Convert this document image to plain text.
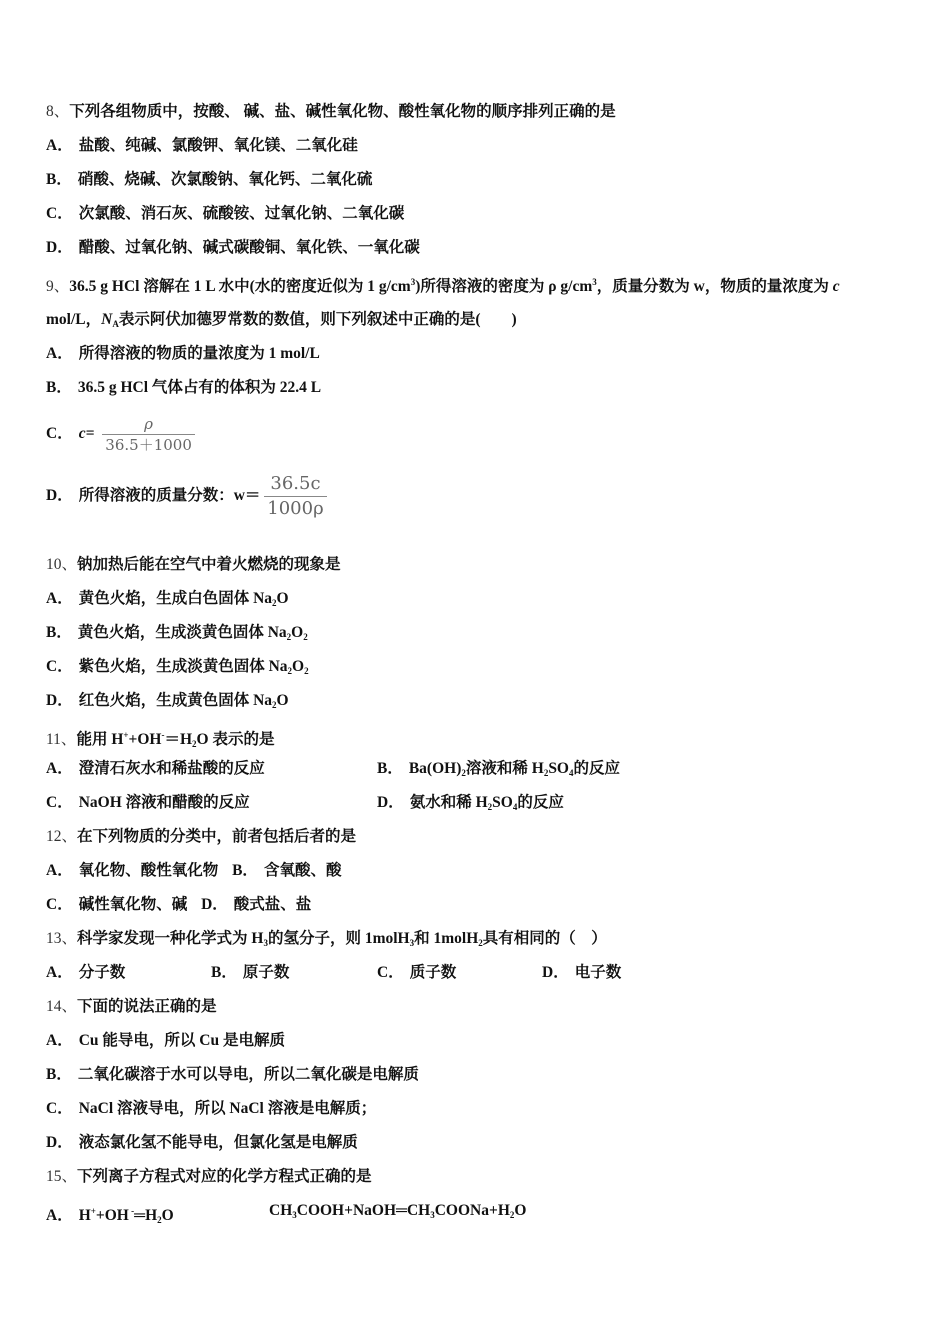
8、下列各组物质中，按酸、 碱、盐、碱性氧化物、酸性氧化物的顺序排列正确的是
A． 盐酸、纯碱、氯酸钾、氧化镁、二氧化硅
B． 硝酸、烧碱、次氯酸钠、氧化钙、二氧化硫
C． 次氯酸、消石灰、硫酸铵、过氧化钠、二氧化碳
D． 醋酸、过氧化钠、碱式碳酸铜、氧化铁、一氧化碳
9、36.5 g HCl 溶解在 1 L 水中(水的密度近似为 1 $g/cm^3$)所得溶液的密度为 ρ $g/cm^3$，质量分数为 w，物质的量浓度为 c
mol/L，$N_A$表示阿伏加德罗常数的数值，则下列叙述中正确的是(　　)
A． 所得溶液的物质的量浓度为 1 mol/L
B． 36.5 g HCl 气体占有的体积为 22.4 L
C． $c= \frac{\rho}{36.5+1000}$
D． 所得溶液的质量分数：$w= \frac{36.5c}{1000\rho}$
10、钠加热后能在空气中着火燃烧的现象是
A． 黄色火焰，生成白色固体 $Na_2O$
B． 黄色火焰，生成淡黄色固体 $Na_2O_2$
C． 紫色火焰，生成淡黄色固体 $Na_2O_2$
D． 红色火焰，生成黄色固体 $Na_2O$
11、能用 $H^++OH^-=H_2O$ 表示的是
A． 澄清石灰水和稀盐酸的反应	B． $Ba(OH)_2$溶液和稀 $H_2SO_4$的反应
C． NaOH 溶液和醋酸的反应	D． 氨水和稀 $H_2SO_4$的反应
12、在下列物质的分类中，前者包括后者的是
A． 氧化物、酸性氧化物 B． 含氧酸、酸
C． 碱性氧化物、碱 D． 酸式盐、盐
13、科学家发现一种化学式为 $H_3$的氢分子，则 1molH$_3$和 1molH$_2$具有相同的（　）
A． 分子数	B． 原子数	C． 质子数	D． 电子数
14、下面的说法正确的是
A． Cu 能导电，所以 Cu 是电解质
B． 二氧化碳溶于水可以导电，所以二氧化碳是电解质
C． NaCl 溶液导电，所以 NaCl 溶液是电解质；
D． 液态氯化氢不能导电，但氯化氢是电解质
15、下列离子方程式对应的化学方程式正确的是
A． H++OH $^-═H_2O$	$CH_3COOH+NaOH═CH_3COONa+H_2O$
